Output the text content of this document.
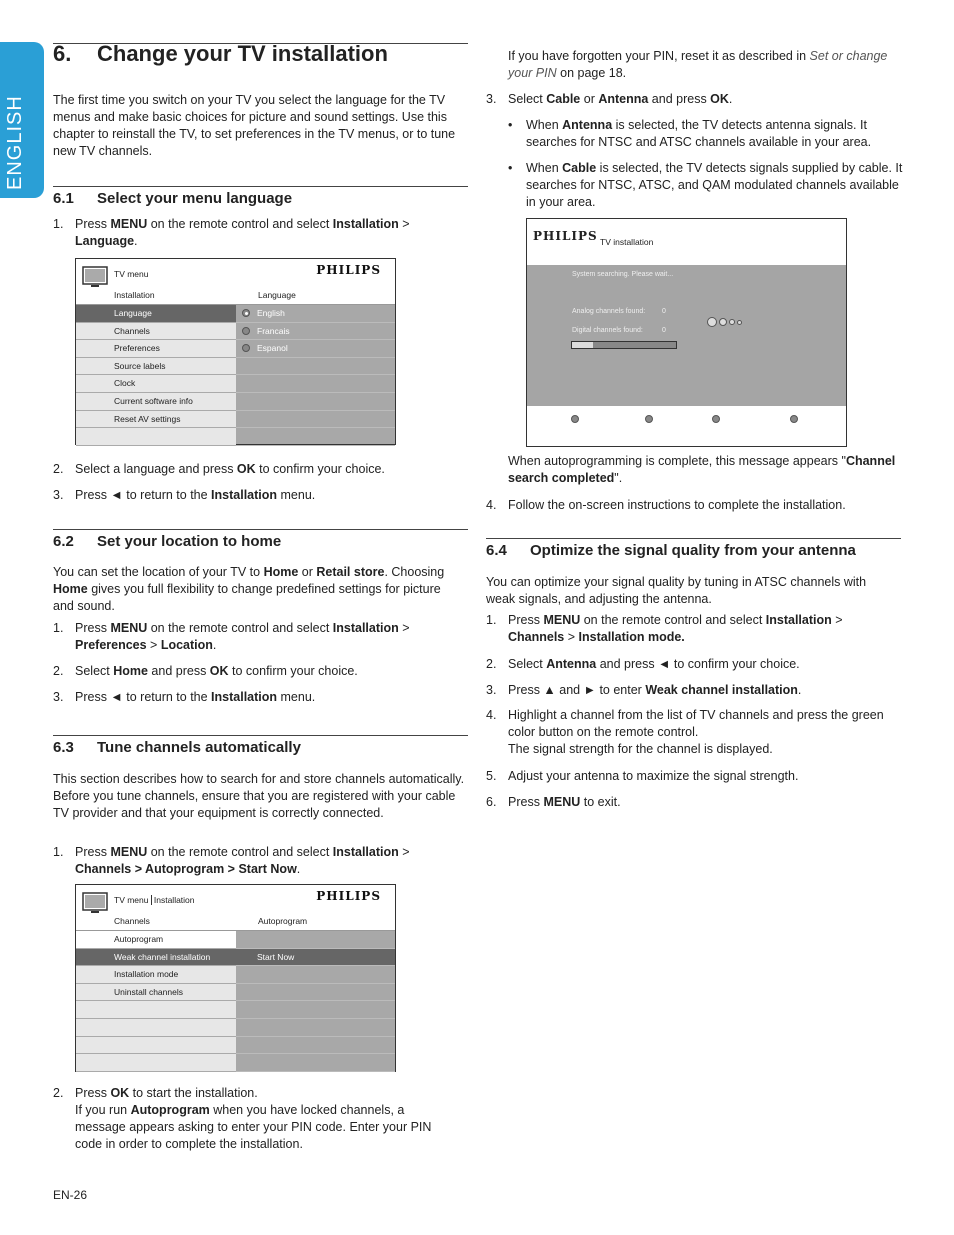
ENGLISH
6. Change your TV installation

The first time you switch on your TV you select the language for the TV menus and make basic choices for picture and sound settings. Use this chapter to reinstall the TV, to set preferences in the TV menus, or to tune new TV channels.

6.1 Select your menu language
1. Press MENU on the remote control and select Installation > Language.
TV menu	PHILIPS
Installation	Language
Language
Channels
Preferences
Source labels
Clock
Current software info
Reset AV settings
English
Francais
Espanol
2. Select a language and press OK to confirm your choice.
3. Press ◄ to return to the Installation menu.
6.2 Set your location to home

You can set the location of your TV to Home or Retail store. Choosing Home gives you full flexibility to change predefined settings for picture and sound.

1. Press MENU on the remote control and select Installation > Preferences > Location.
2. Select Home and press OK to confirm your choice.
3. Press ◄ to return to the Installation menu.
6.3 Tune channels automatically

This section describes how to search for and store channels automatically. Before you tune channels, ensure that you are registered with your cable TV provider and that your equipment is correctly connected.

1. Press MENU on the remote control and select Installation > Channels > Autoprogram > Start Now.
TV menu Installation	PHILIPS
Channels	Autoprogram
Autoprogram
Weak channel installation
Installation mode
Uninstall channels
Start Now
2. Press OK to start the installation.
If you run Autoprogram when you have locked channels, a message appears asking to enter your PIN code. Enter your PIN code in order to complete the installation.

If you have forgotten your PIN, reset it as described in Set or change your PIN on page 18.

3. Select Cable or Antenna and press OK.
• When Antenna is selected, the TV detects antenna signals. It searches for NTSC and ATSC channels available in your area.
• When Cable is selected, the TV detects signals supplied by cable. It searches for NTSC, ATSC, and QAM modulated channels available in your area.
PHILIPS TV installation
System searching. Please wait...
Analog channels found: 0
Digital channels found:	0

When autoprogramming is complete, this message appears "Channel search completed".

4. Follow the on-screen instructions to complete the installation.
6.4 Optimize the signal quality from your antenna

You can optimize your signal quality by tuning in ATSC channels with weak signals, and adjusting the antenna.

1. Press MENU on the remote control and select Installation > Channels > Installation mode.
2. Select Antenna and press ◄ to confirm your choice.
3. Press ▲ and ► to enter Weak channel installation.
4. Highlight a channel from the list of TV channels and press the green color button on the remote control.
The signal strength for the channel is displayed.
5. Adjust your antenna to maximize the signal strength.
6. Press MENU to exit.
EN-26
